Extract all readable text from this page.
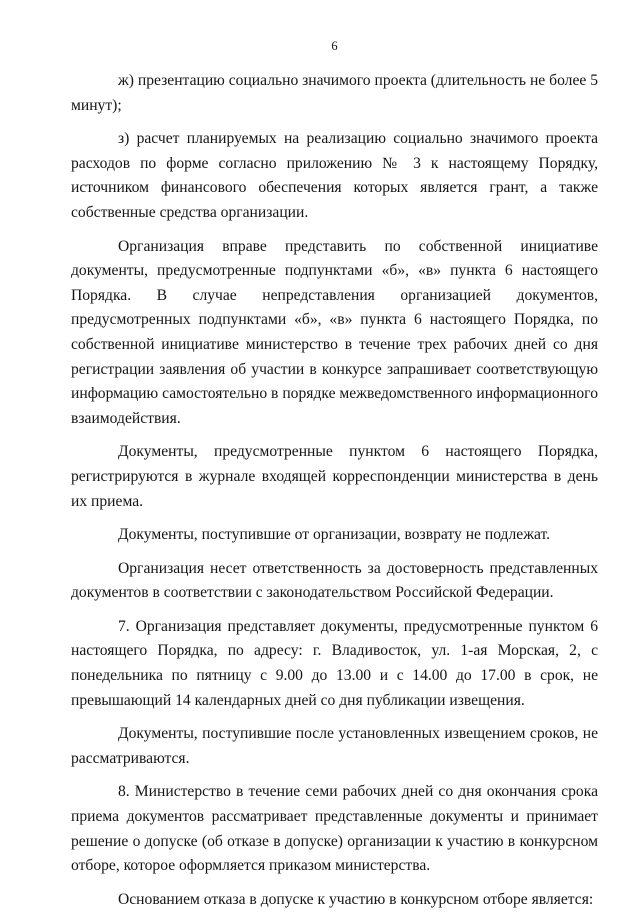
6

ж) презентацию социально значимого проекта (длительность не более 5 минут);

з) расчет планируемых на реализацию социально значимого проекта расходов по форме согласно приложению № 3 к настоящему Порядку, источником финансового обеспечения которых является грант, а также собственные средства организации.

Организация вправе представить по собственной инициативе документы, предусмотренные подпунктами «б», «в» пункта 6 настоящего Порядка. В случае непредставления организацией документов, предусмотренных подпунктами «б», «в» пункта 6 настоящего Порядка, по собственной инициативе министерство в течение трех рабочих дней со дня регистрации заявления об участии в конкурсе запрашивает соответствующую информацию самостоятельно в порядке межведомственного информационного взаимодействия.

Документы, предусмотренные пунктом 6 настоящего Порядка, регистрируются в журнале входящей корреспонденции министерства в день их приема.

Документы, поступившие от организации, возврату не подлежат.

Организация несет ответственность за достоверность представленных документов в соответствии с законодательством Российской Федерации.

7. Организация представляет документы, предусмотренные пунктом 6 настоящего Порядка, по адресу: г. Владивосток, ул. 1-ая Морская, 2, с понедельника по пятницу с 9.00 до 13.00 и с 14.00 до 17.00 в срок, не превышающий 14 календарных дней со дня публикации извещения.

Документы, поступившие после установленных извещением сроков, не рассматриваются.

8. Министерство в течение семи рабочих дней со дня окончания срока приема документов рассматривает представленные документы и принимает решение о допуске (об отказе в допуске) организации к участию в конкурсном отборе, которое оформляется приказом министерства.

Основанием отказа в допуске к участию в конкурсном отборе является:
